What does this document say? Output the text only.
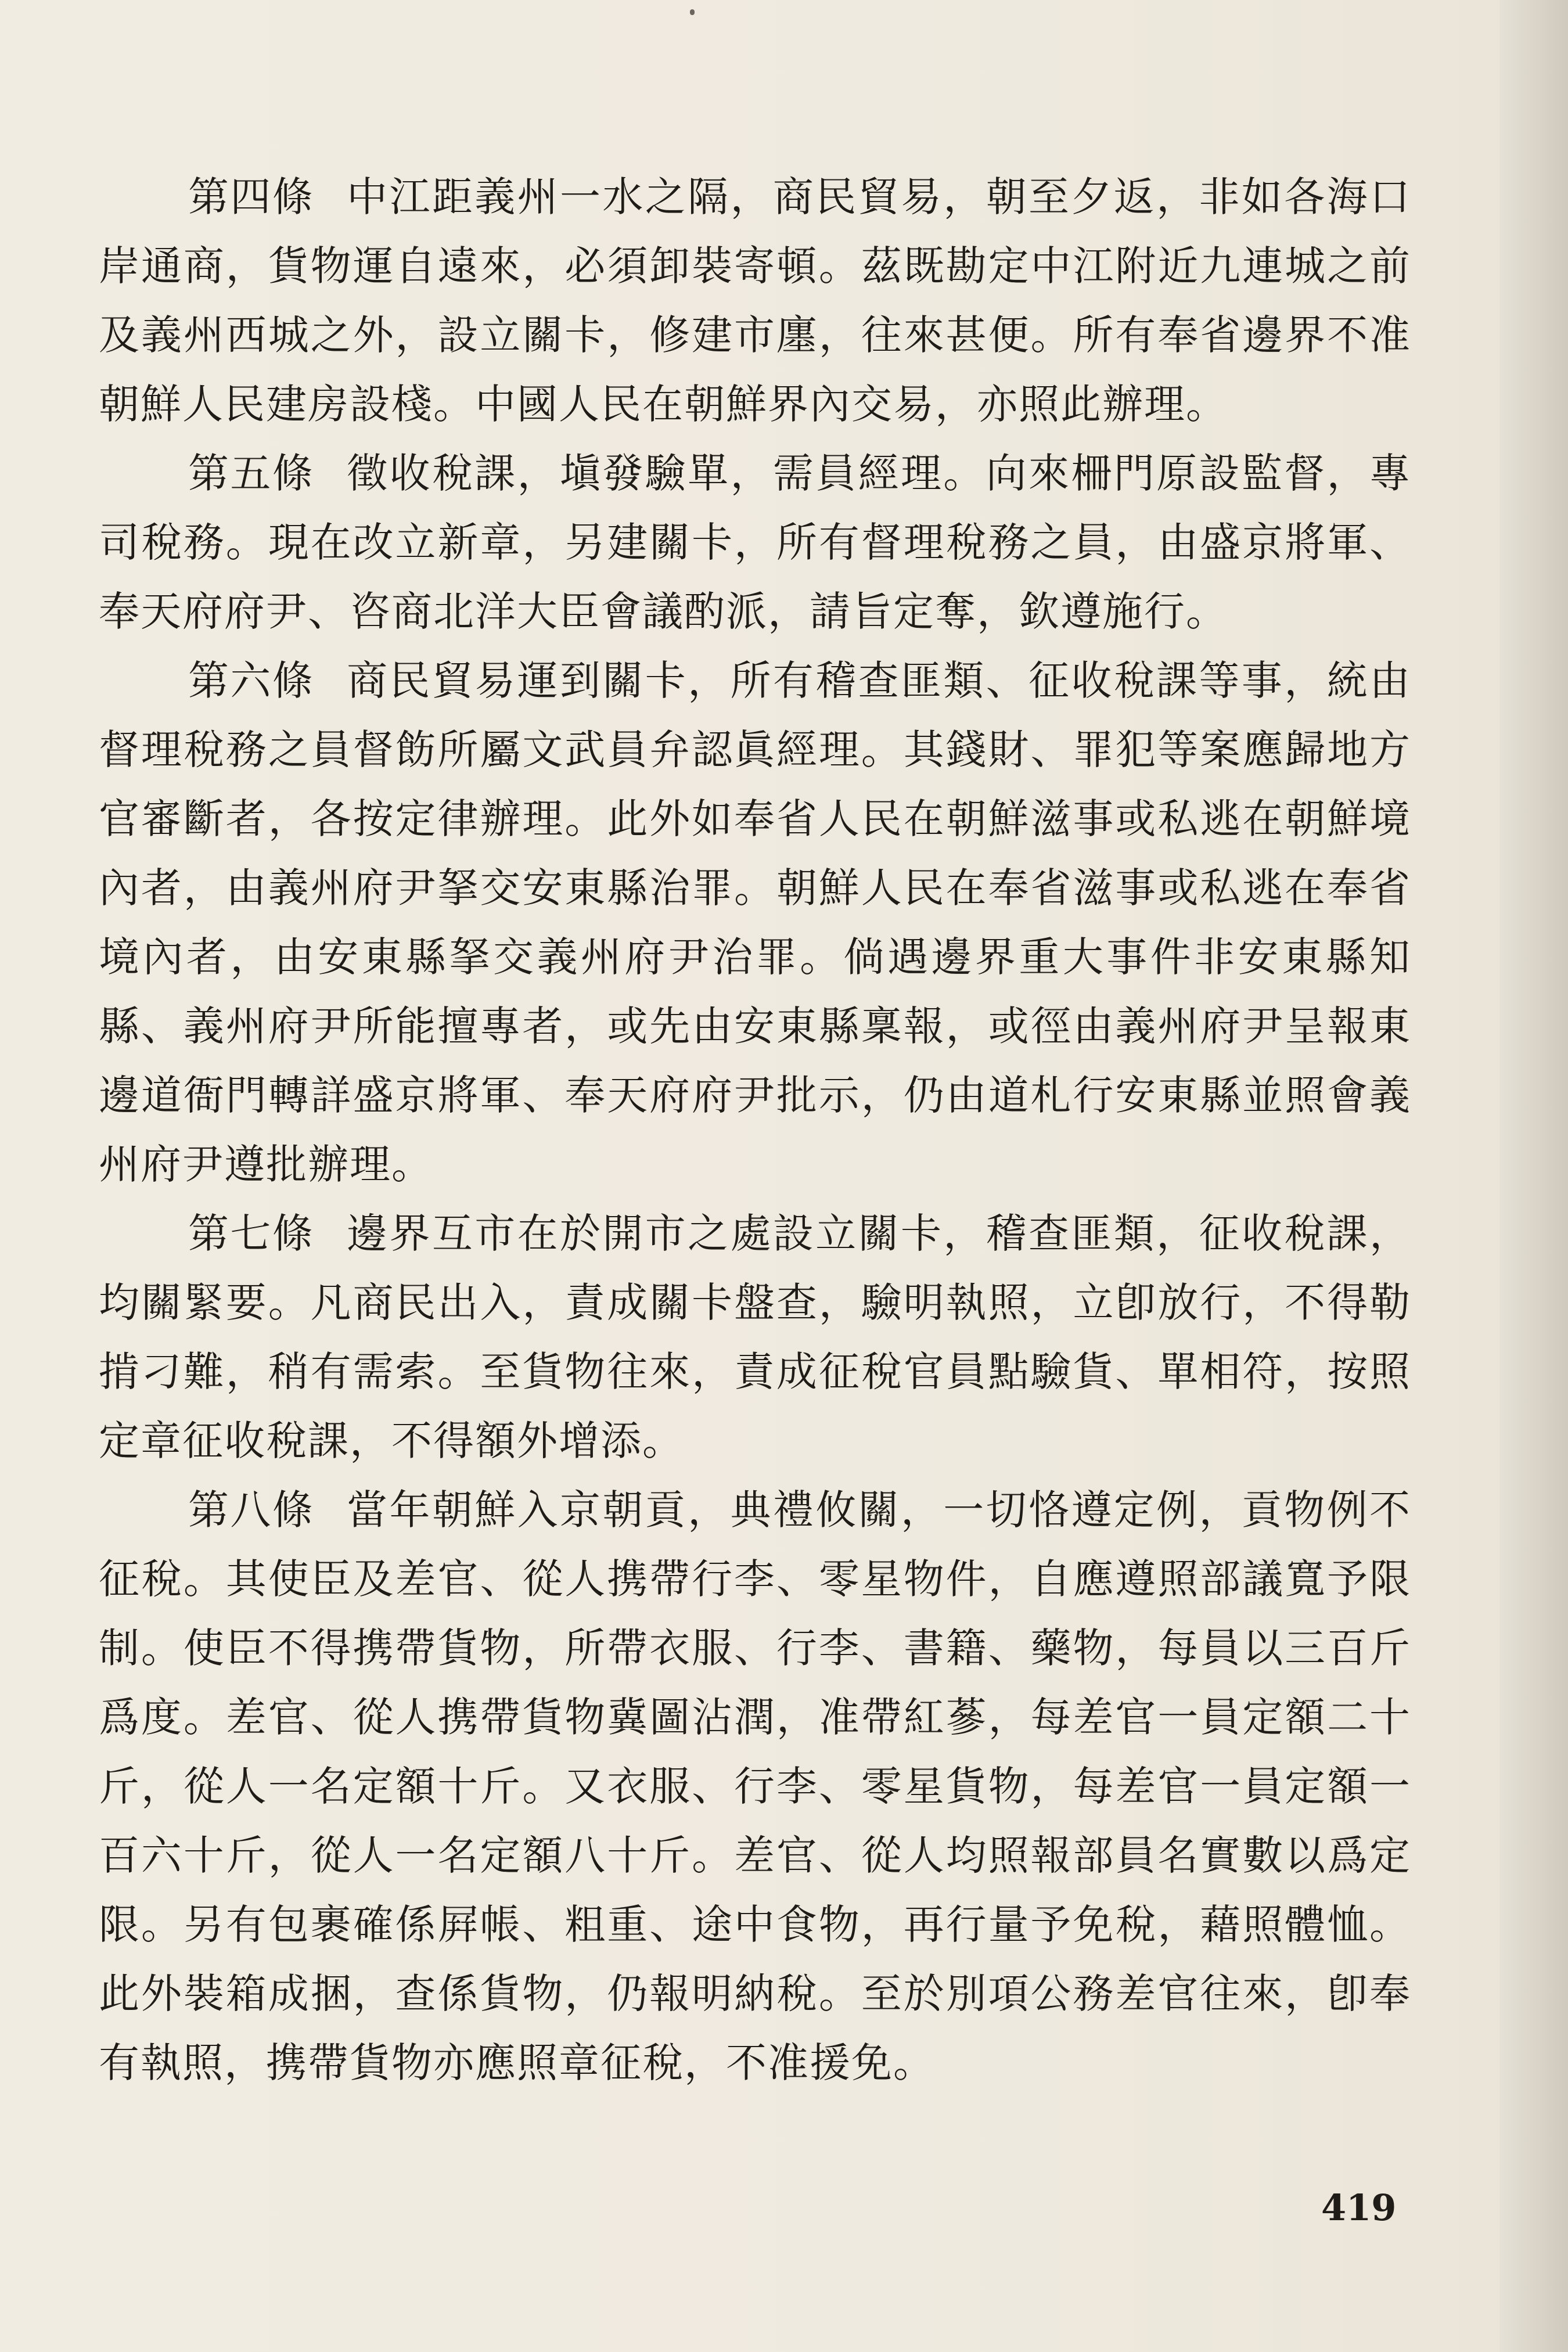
第四條 中江距義州一水之隔，商民貿易，朝至夕返，非如各海口岸通商，貨物運自遠來，必須卸裝寄頓。茲既勘定中江附近九連城之前及義州西城之外，設立關卡，修建市廛，往來甚便。所有奉省邊界不准朝鮮人民建房設棧。中國人民在朝鮮界內交易，亦照此辦理。

第五條 徵收稅課，塡發驗單，需員經理。向來柵門原設監督，專司稅務。現在改立新章，另建關卡，所有督理稅務之員，由盛京將軍、奉天府府尹、咨商北洋大臣會議酌派，請旨定奪，欽遵施行。

第六條 商民貿易運到關卡，所有稽查匪類、征收稅課等事，統由督理稅務之員督飭所屬文武員弁認眞經理。其錢財、罪犯等案應歸地方官審斷者，各按定律辦理。此外如奉省人民在朝鮮滋事或私逃在朝鮮境內者，由義州府尹拏交安東縣治罪。朝鮮人民在奉省滋事或私逃在奉省境內者，由安東縣拏交義州府尹治罪。倘遇邊界重大事件非安東縣知縣、義州府尹所能擅專者，或先由安東縣稟報，或徑由義州府尹呈報東邊道衙門轉詳盛京將軍、奉天府府尹批示，仍由道札行安東縣並照會義州府尹遵批辦理。

第七條 邊界互市在於開市之處設立關卡，稽查匪類，征收稅課，均關緊要。凡商民出入，責成關卡盤查，驗明執照，立卽放行，不得勒掯刁難，稍有需索。至貨物往來，責成征稅官員點驗貨、單相符，按照定章征收稅課，不得額外增添。

第八條 當年朝鮮入京朝貢，典禮攸關，一切恪遵定例，貢物例不征稅。其使臣及差官、從人携帶行李、零星物件，自應遵照部議寬予限制。使臣不得携帶貨物，所帶衣服、行李、書籍、藥物，每員以三百斤爲度。差官、從人携帶貨物冀圖沾潤，准帶紅蔘，每差官一員定額二十斤，從人一名定額十斤。又衣服、行李、零星貨物，每差官一員定額一百六十斤，從人一名定額八十斤。差官、從人均照報部員名實數以爲定限。另有包裹確係屛帳、粗重、途中食物，再行量予免稅，藉照體恤。此外裝箱成捆，查係貨物，仍報明納稅。至於別項公務差官往來，卽奉有執照，携帶貨物亦應照章征稅，不准援免。

419
